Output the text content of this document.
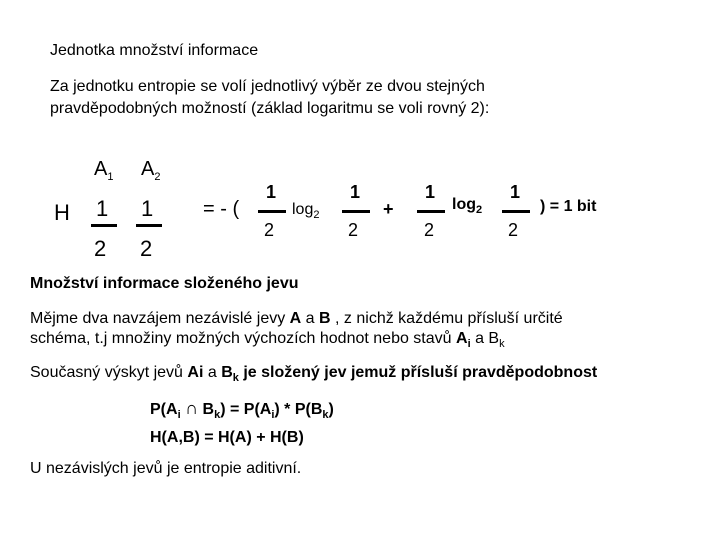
Jednotka množství informace
Za jednotku entropie se volí jednotlivý výběr ze dvou stejných
pravděpodobných možností (základ logaritmu se voli rovný 2):
$A_1$ $A_2$
H 1
2
1
2
= - (
1
2
$\log_2$
1
2
+
1
2
$\log_2$
1
2
) = 1 bit
Množství informace složeného jevu
Mějme dva navzájem nezávislé jevy A a B , z nichž každému přísluší určité
schéma, t.j množiny možných výchozích hodnot nebo stavů $A_i$ a $B_k$
Současný výskyt jevů Ai a $B_k$ je složený jev jemuž přísluší pravděpodobnost
$P(A_i$ ∩ $B_k) = P(A_i) * P(B_k)$
H(A,B) = H(A) + H(B)
U nezávislých jevů je entropie aditivní.
